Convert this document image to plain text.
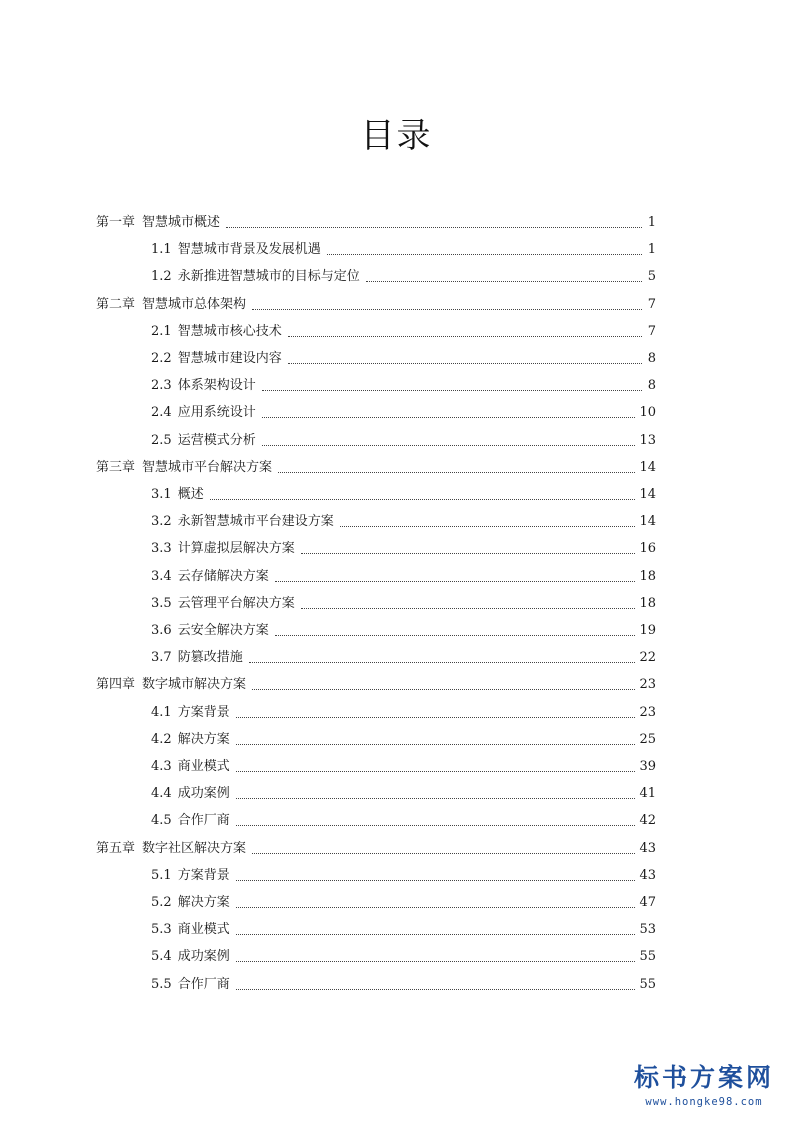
目录
第一章 智慧城市概述	1
1.1 智慧城市背景及发展机遇	1
1.2 永新推进智慧城市的目标与定位	5
第二章 智慧城市总体架构	7
2.1 智慧城市核心技术	7
2.2 智慧城市建设内容	8
2.3 体系架构设计	8
2.4 应用系统设计	10
2.5 运营模式分析	13
第三章 智慧城市平台解决方案	14
3.1 概述	14
3.2 永新智慧城市平台建设方案	14
3.3 计算虚拟层解决方案	16
3.4 云存储解决方案	18
3.5 云管理平台解决方案	18
3.6 云安全解决方案	19
3.7 防篡改措施	22
第四章 数字城市解决方案	23
4.1 方案背景	23
4.2 解决方案	25
4.3 商业模式	39
4.4 成功案例	41
4.5 合作厂商	42
第五章 数字社区解决方案	43
5.1 方案背景	43
5.2 解决方案	47
5.3 商业模式	53
5.4 成功案例	55
5.5 合作厂商	55
标书方案网
www.hongke98.com
